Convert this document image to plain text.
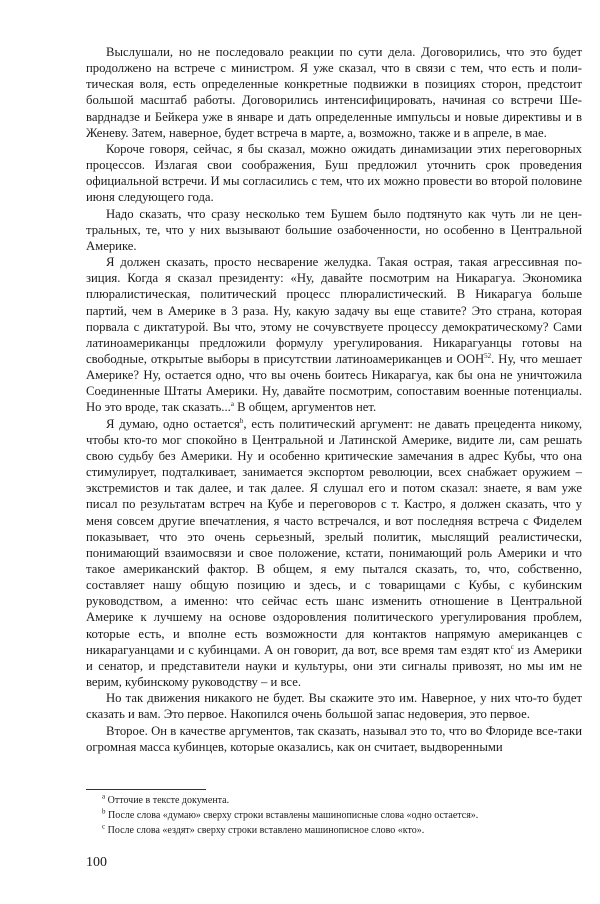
Выслушали, но не последовало реакции по сути дела. Договорились, что это будет продолжено на встрече с министром. Я уже сказал, что в связи с тем, что есть и политическая воля, есть определенные конкретные подвижки в позициях сторон, предстоит большой масштаб работы. Договорились интенсифицировать, начиная со встречи Шеварднадзе и Бейкера уже в январе и дать определенные импульсы и новые директивы и в Женеву. Затем, наверное, будет встреча в марте, а, возможно, также и в апреле, в мае.

Короче говоря, сейчас, я бы сказал, можно ожидать динамизации этих переговорных процессов. Излагая свои соображения, Буш предложил уточнить срок проведения официальной встречи. И мы согласились с тем, что их можно провести во второй половине июня следующего года.

Надо сказать, что сразу несколько тем Бушем было подтянуто как чуть ли не центральных, те, что у них вызывают большие озабоченности, но особенно в Центральной Америке.

Я должен сказать, просто несварение желудка. Такая острая, такая агрессивная позиция. Когда я сказал президенту: «Ну, давайте посмотрим на Никарагуа. Экономика плюралистическая, политический процесс плюралистический. В Никарагуа больше партий, чем в Америке в 3 раза. Ну, какую задачу вы еще ставите? Это страна, которая порвала с диктатурой. Вы что, этому не сочувствуете процессу демократическому? Сами латиноамериканцы предложили формулу урегулирования. Никарагуанцы готовы на свободные, открытые выборы в присутствии латиноамериканцев и ООН$^{52}$. Ну, что мешает Америке? Ну, остается одно, что вы очень боитесь Никарагуа, как бы она не уничтожила Соединенные Штаты Америки. Ну, давайте посмотрим, сопоставим военные потенциалы. Но это вроде, так сказать...$^a$ В общем, аргументов нет.

Я думаю, одно остается$^b$, есть политический аргумент: не давать прецедента никому, чтобы кто-то мог спокойно в Центральной и Латинской Америке, видите ли, сам решать свою судьбу без Америки. Ну и особенно критические замечания в адрес Кубы, что она стимулирует, подталкивает, занимается экспортом революции, всех снабжает оружием – экстремистов и так далее, и так далее. Я слушал его и потом сказал: знаете, я вам уже писал по результатам встреч на Кубе и переговоров с т. Кастро, я должен сказать, что у меня совсем другие впечатления, я часто встречался, и вот последняя встреча с Фиделем показывает, что это очень серьезный, зрелый политик, мыслящий реалистически, понимающий взаимосвязи и свое положение, кстати, понимающий роль Америки и что такое американский фактор. В общем, я ему пытался сказать, то, что, собственно, составляет нашу общую позицию и здесь, и с товарищами с Кубы, с кубинским руководством, а именно: что сейчас есть шанс изменить отношение в Центральной Америке к лучшему на основе оздоровления политического урегулирования проблем, которые есть, и вполне есть возможности для контактов напрямую американцев с никарагуанцами и с кубинцами. А он говорит, да вот, все время там ездят кто$^c$ из Америки и сенатор, и представители науки и культуры, они эти сигналы привозят, но мы им не верим, кубинскому руководству – и все.

Но так движения никакого не будет. Вы скажите это им. Наверное, у них что-то будет сказать и вам. Это первое. Накопился очень большой запас недоверия, это первое.

Второе. Он в качестве аргументов, так сказать, называл это то, что во Флориде все-таки огромная масса кубинцев, которые оказались, как он считает, выдворенными

$^a$ Отточие в тексте документа.
$^b$ После слова «думаю» сверху строки вставлены машинописные слова «одно остается».
$^c$ После слова «ездят» сверху строки вставлено машинописное слово «кто».
100
